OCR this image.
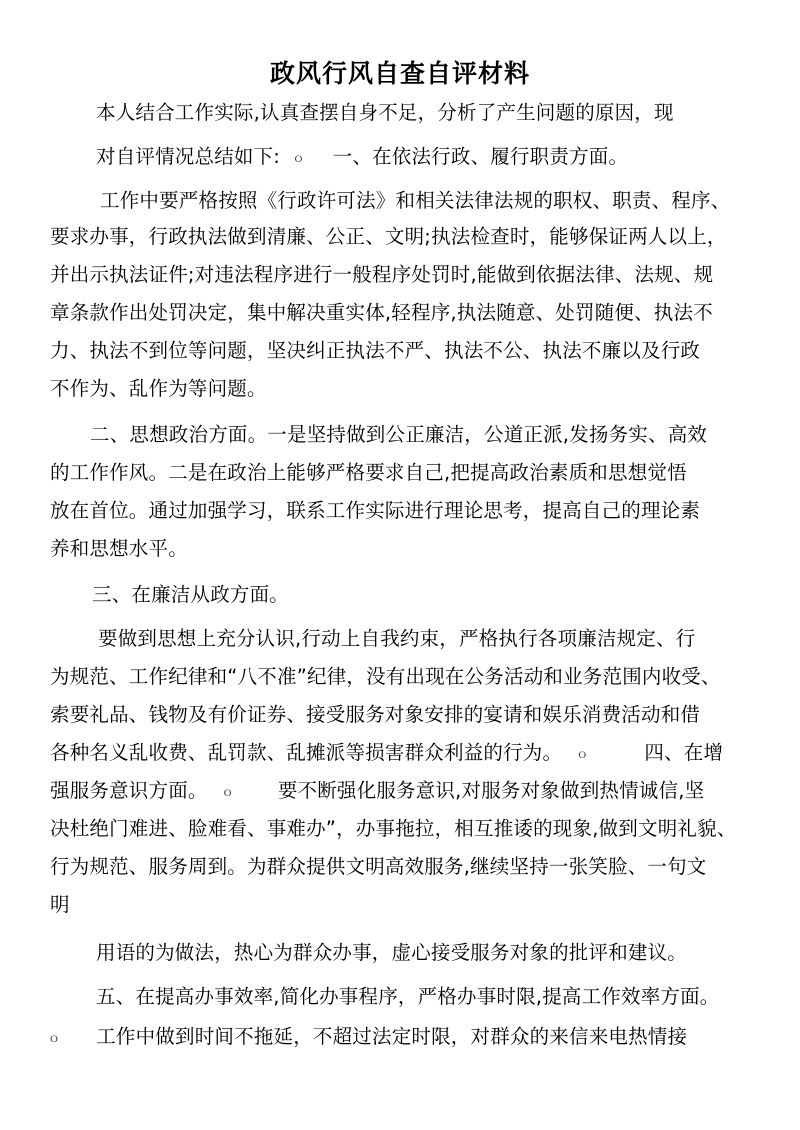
政风行风自查自评材料
本人结合工作实际,认真查摆自身不足，分析了产生问题的原因，现
对自评情况总结如下: ｏ 一、在依法行政、履行职责方面。
工作中要严格按照《行政许可法》和相关法律法规的职权、职责、程序、
要求办事，行政执法做到清廉、公正、文明;执法检查时，能够保证两人以上，
并出示执法证件;对违法程序进行一般程序处罚时,能做到依据法律、法规、规
章条款作出处罚决定，集中解决重实体,轻程序,执法随意、处罚随便、执法不
力、执法不到位等问题，坚决纠正执法不严、执法不公、执法不廉以及行政
不作为、乱作为等问题。
二、思想政治方面。一是坚持做到公正廉洁，公道正派,发扬务实、高效
的工作作风。二是在政治上能够严格要求自己,把提高政治素质和思想觉悟
放在首位。通过加强学习，联系工作实际进行理论思考，提高自己的理论素
养和思想水平。
三、在廉洁从政方面。
要做到思想上充分认识,行动上自我约束，严格执行各项廉洁规定、行
为规范、工作纪律和“八不准”纪律，没有出现在公务活动和业务范围内收受、
索要礼品、钱物及有价证券、接受服务对象安排的宴请和娱乐消费活动和借
各种名义乱收费、乱罚款、乱摊派等损害群众利益的行为。 ｏ	四、在增
强服务意识方面。 ｏ 要不断强化服务意识,对服务对象做到热情诚信,坚
决杜绝门难进、脸难看、事难办”，办事拖拉，相互推诿的现象,做到文明礼貌、
行为规范、服务周到。为群众提供文明高效服务,继续坚持一张笑脸、一句文
明
用语的为做法，热心为群众办事，虚心接受服务对象的批评和建议。
五、在提高办事效率,简化办事程序，严格办事时限,提高工作效率方面。
ｏ 工作中做到时间不拖延，不超过法定时限，对群众的来信来电热情接
